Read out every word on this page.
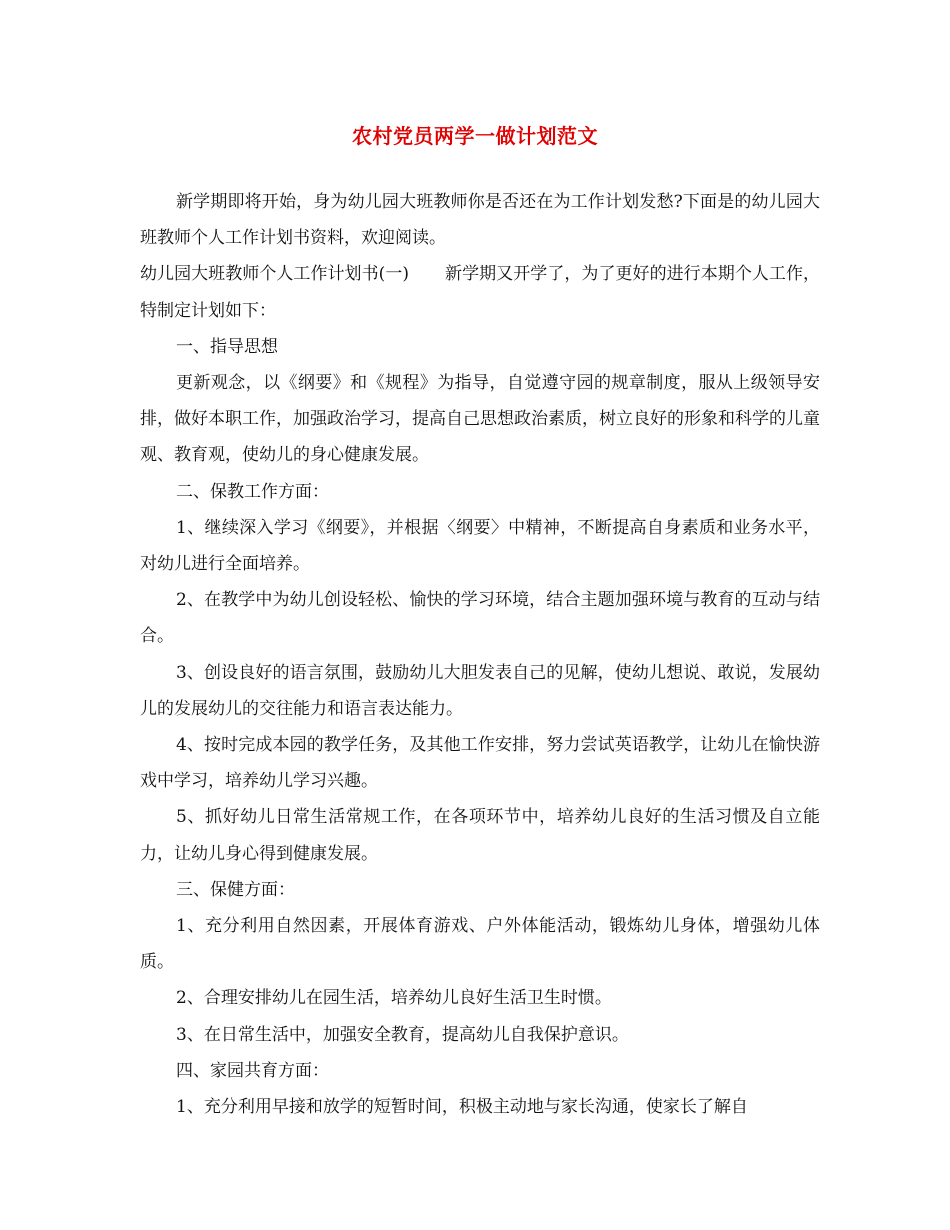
农村党员两学一做计划范文

新学期即将开始，身为幼儿园大班教师你是否还在为工作计划发愁?下面是的幼儿园大班教师个人工作计划书资料，欢迎阅读。

幼儿园大班教师个人工作计划书(一) 新学期又开学了，为了更好的进行本期个人工作，特制定计划如下：

一、指导思想

更新观念，以《纲要》和《规程》为指导，自觉遵守园的规章制度，服从上级领导安排，做好本职工作，加强政治学习，提高自己思想政治素质，树立良好的形象和科学的儿童观、教育观，使幼儿的身心健康发展。

二、保教工作方面：

1、继续深入学习《纲要》，并根据〈纲要〉中精神，不断提高自身素质和业务水平，对幼儿进行全面培养。

2、在教学中为幼儿创设轻松、愉快的学习环境，结合主题加强环境与教育的互动与结合。

3、创设良好的语言氛围，鼓励幼儿大胆发表自己的见解，使幼儿想说、敢说，发展幼儿的发展幼儿的交往能力和语言表达能力。

4、按时完成本园的教学任务，及其他工作安排，努力尝试英语教学，让幼儿在愉快游戏中学习，培养幼儿学习兴趣。

5、抓好幼儿日常生活常规工作，在各项环节中，培养幼儿良好的生活习惯及自立能力，让幼儿身心得到健康发展。

三、保健方面：

1、充分利用自然因素，开展体育游戏、户外体能活动，锻炼幼儿身体，增强幼儿体质。

2、合理安排幼儿在园生活，培养幼儿良好生活卫生时惯。

3、在日常生活中，加强安全教育，提高幼儿自我保护意识。

四、家园共育方面：

1、充分利用早接和放学的短暂时间，积极主动地与家长沟通，使家长了解自
